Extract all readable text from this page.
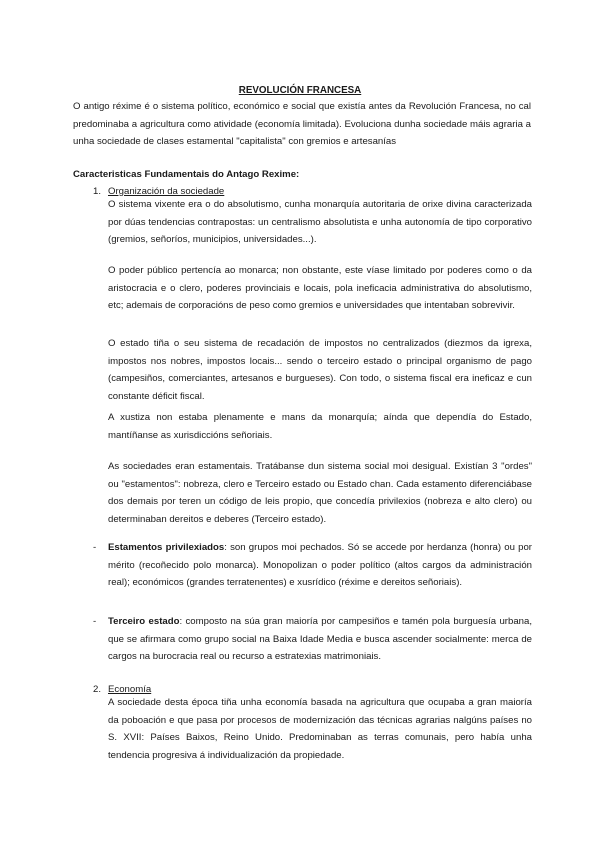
REVOLUCIÓN FRANCESA

O antigo réxime é o sistema político, económico e social que existía antes da Revolución Francesa, no cal predominaba a agricultura como atividade (economía limitada). Evoluciona dunha sociedade máis agraria a unha sociedade de clases estamental "capitalista" con gremios e artesanías

Caracteristicas Fundamentais do Antago Rexime:
1. Organización da sociedade

O sistema vixente era o do absolutismo, cunha monarquía autoritaria de orixe divina caracterizada por dúas tendencias contrapostas: un centralismo absolutista e unha autonomía de tipo corporativo (gremios, señoríos, municipios, universidades...).

O poder público pertencía ao monarca; non obstante, este víase limitado por poderes como o da aristocracia e o clero, poderes provinciais e locais, pola ineficacia administrativa do absolutismo, etc; ademais de corporacións de peso como gremios e universidades que intentaban sobrevivir.

O estado tiña o seu sistema de recadación de impostos no centralizados (diezmos da igrexa, impostos nos nobres, impostos locais... sendo o terceiro estado o principal organismo de pago (campesiños, comerciantes, artesanos e burgueses). Con todo, o sistema fiscal era ineficaz e cun constante déficit fiscal.

A xustiza non estaba plenamente e mans da monarquía; aínda que dependía do Estado, mantíñanse as xurisdiccións señoriais.

As sociedades eran estamentais. Tratábanse dun sistema social moi desigual. Existían 3 "ordes" ou "estamentos": nobreza, clero e Terceiro estado ou Estado chan. Cada estamento diferenciábase dos demais por teren un código de leis propio, que concedía privilexios (nobreza e alto clero) ou determinaban dereitos e deberes (Terceiro estado).

- Estamentos privilexiados: son grupos moi pechados. Só se accede por herdanza (honra) ou por mérito (recoñecido polo monarca). Monopolizan o poder político (altos cargos da administración real); económicos (grandes terratenentes) e xusrídico (réxime e dereitos señoriais).

- Terceiro estado: composto na súa gran maioría por campesiños e tamén pola burguesía urbana, que se afirmara como grupo social na Baixa Idade Media e busca ascender socialmente: merca de cargos na burocracia real ou recurso a estratexias matrimoniais.

2. Economía

A sociedade desta época tiña unha economía basada na agricultura que ocupaba a gran maioría da poboación e que pasa por procesos de modernización das técnicas agrarias nalgúns países no S. XVII: Países Baixos, Reino Unido. Predominaban as terras comunais, pero había unha tendencia progresiva á individualización da propiedade.
